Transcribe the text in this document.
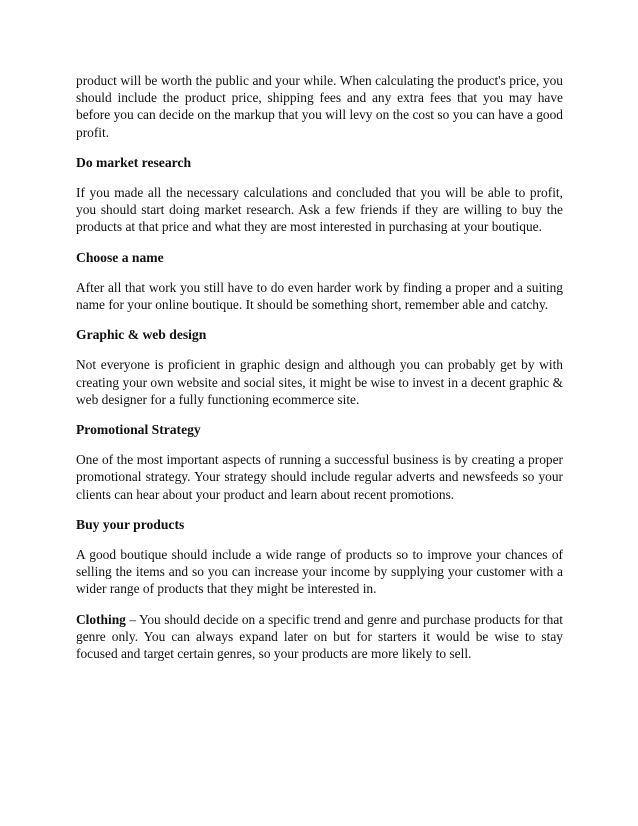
product will be worth the public and your while. When calculating the product's price, you should include the product price, shipping fees and any extra fees that you may have before you can decide on the markup that you will levy on the cost so you can have a good profit.

Do market research

If you made all the necessary calculations and concluded that you will be able to profit, you should start doing market research. Ask a few friends if they are willing to buy the products at that price and what they are most interested in purchasing at your boutique.

Choose a name

After all that work you still have to do even harder work by finding a proper and a suiting name for your online boutique. It should be something short, remember able and catchy.

Graphic & web design

Not everyone is proficient in graphic design and although you can probably get by with creating your own website and social sites, it might be wise to invest in a decent graphic & web designer for a fully functioning ecommerce site.

Promotional Strategy

One of the most important aspects of running a successful business is by creating a proper promotional strategy. Your strategy should include regular adverts and newsfeeds so your clients can hear about your product and learn about recent promotions.

Buy your products

A good boutique should include a wide range of products so to improve your chances of selling the items and so you can increase your income by supplying your customer with a wider range of products that they might be interested in.

Clothing – You should decide on a specific trend and genre and purchase products for that genre only. You can always expand later on but for starters it would be wise to stay focused and target certain genres, so your products are more likely to sell.
